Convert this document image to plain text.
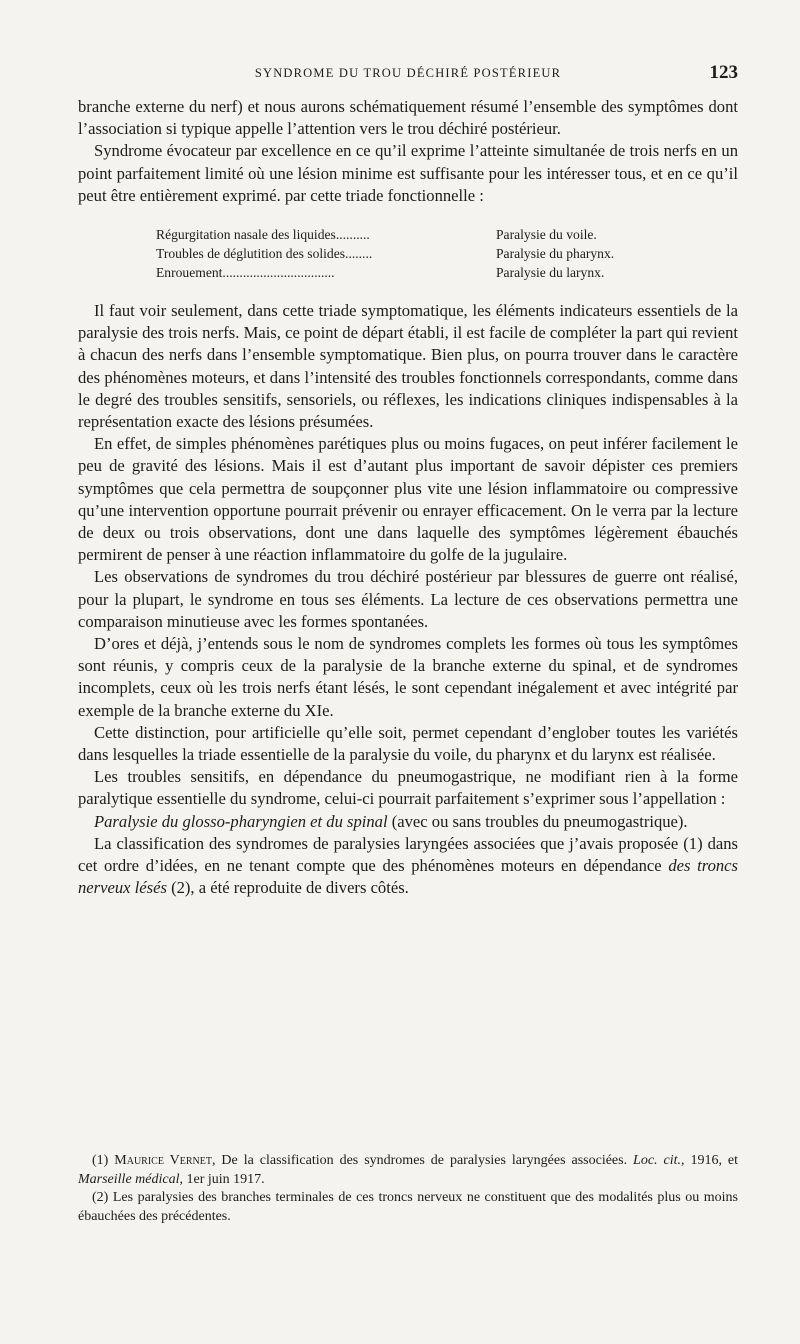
SYNDROME DU TROU DÉCHIRÉ POSTÉRIEUR	123

branche externe du nerf) et nous aurons schématiquement résumé l’ensemble des symptômes dont l’association si typique appelle l’attention vers le trou déchiré postérieur.

Syndrome évocateur par excellence en ce qu’il exprime l’atteinte simultanée de trois nerfs en un point parfaitement limité où une lésion minime est suffisante pour les intéresser tous, et en ce qu’il peut être entièrement exprimé. par cette triade fonctionnelle :

Régurgitation nasale des liquides..........	Paralysie du voile.
Troubles de déglutition des solides........	Paralysie du pharynx.
Enrouement.................................	Paralysie du larynx.

Il faut voir seulement, dans cette triade symptomatique, les éléments indicateurs essentiels de la paralysie des trois nerfs. Mais, ce point de départ établi, il est facile de compléter la part qui revient à chacun des nerfs dans l’ensemble symptomatique. Bien plus, on pourra trouver dans le caractère des phénomènes moteurs, et dans l’intensité des troubles fonctionnels correspondants, comme dans le degré des troubles sensitifs, sensoriels, ou réflexes, les indications cliniques indispensables à la représentation exacte des lésions présumées.

En effet, de simples phénomènes parétiques plus ou moins fugaces, on peut inférer facilement le peu de gravité des lésions. Mais il est d’autant plus important de savoir dépister ces premiers symptômes que cela permettra de soupçonner plus vite une lésion inflammatoire ou compressive qu’une intervention opportune pourrait prévenir ou enrayer efficacement. On le verra par la lecture de deux ou trois observations, dont une dans laquelle des symptômes légèrement ébauchés permirent de penser à une réaction inflammatoire du golfe de la jugulaire.

Les observations de syndromes du trou déchiré postérieur par blessures de guerre ont réalisé, pour la plupart, le syndrome en tous ses éléments. La lecture de ces observations permettra une comparaison minutieuse avec les formes spontanées.

D’ores et déjà, j’entends sous le nom de syndromes complets les formes où tous les symptômes sont réunis, y compris ceux de la paralysie de la branche externe du spinal, et de syndromes incomplets, ceux où les trois nerfs étant lésés, le sont cependant inégalement et avec intégrité par exemple de la branche externe du XIe.

Cette distinction, pour artificielle qu’elle soit, permet cependant d’englober toutes les variétés dans lesquelles la triade essentielle de la paralysie du voile, du pharynx et du larynx est réalisée.

Les troubles sensitifs, en dépendance du pneumogastrique, ne modifiant rien à la forme paralytique essentielle du syndrome, celui-ci pourrait parfaitement s’exprimer sous l’appellation :

Paralysie du glosso-pharyngien et du spinal (avec ou sans troubles du pneumogastrique).

La classification des syndromes de paralysies laryngées associées que j’avais proposée (1) dans cet ordre d’idées, en ne tenant compte que des phénomènes moteurs en dépendance des troncs nerveux lésés (2), a été reproduite de divers côtés.

(1) Maurice Vernet, De la classification des syndromes de paralysies laryngées associées. Loc. cit., 1916, et Marseille médical, 1er juin 1917.

(2) Les paralysies des branches terminales de ces troncs nerveux ne constituent que des modalités plus ou moins ébauchées des précédentes.
